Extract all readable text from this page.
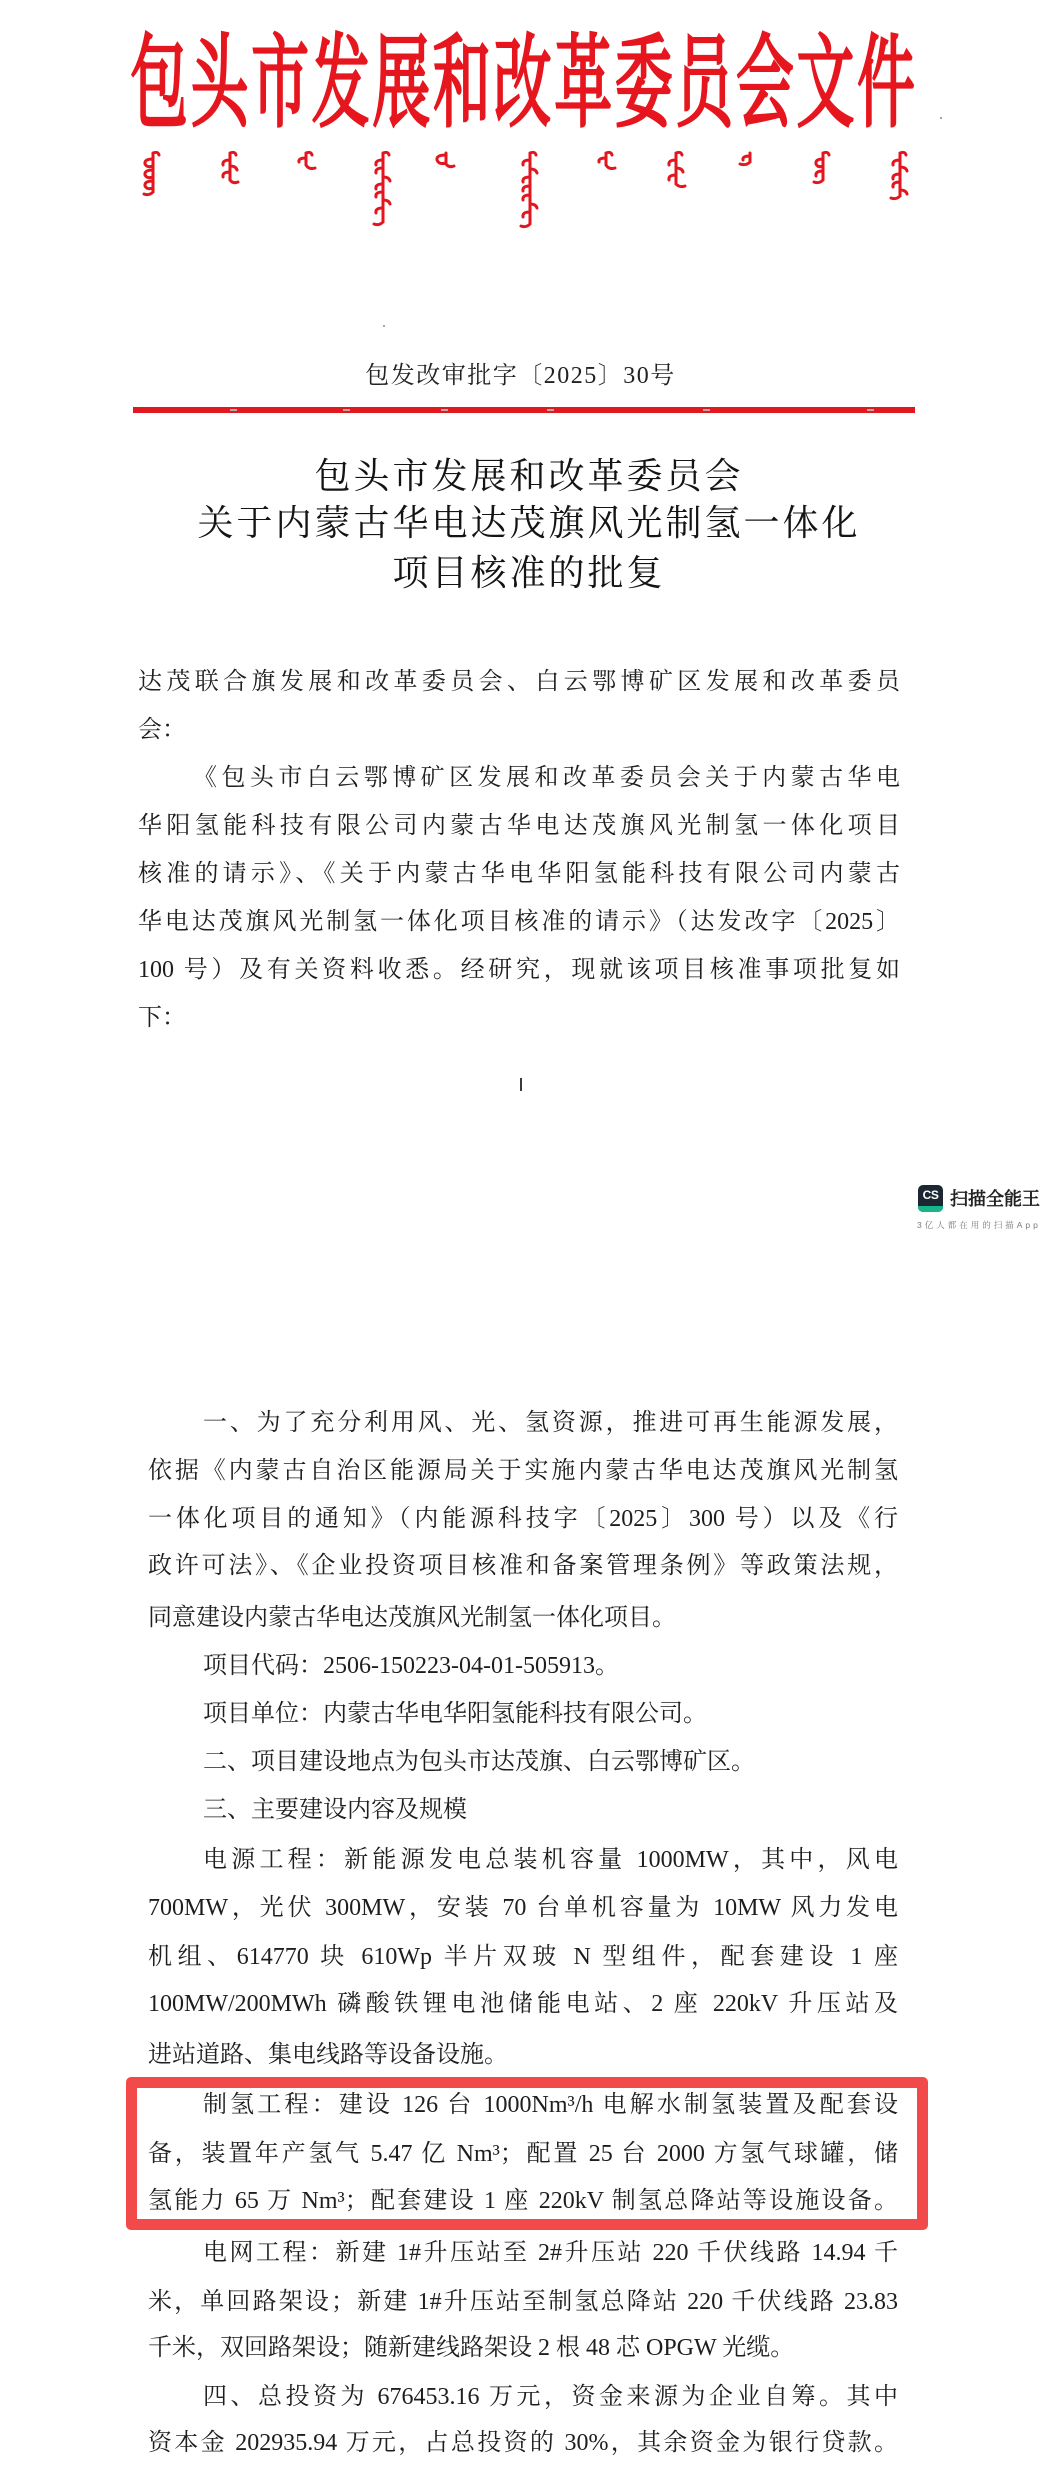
包头市发展和改革委员会文件
包发改审批字〔2025〕30号
包头市发展和改革委员会
关于内蒙古华电达茂旗风光制氢一体化
项目核准的批复
达茂联合旗发展和改革委员会、白云鄂博矿区发展和改革委员
会：
《包头市白云鄂博矿区发展和改革委员会关于内蒙古华电
华阳氢能科技有限公司内蒙古华电达茂旗风光制氢一体化项目
核准的请示》、《关于内蒙古华电华阳氢能科技有限公司内蒙古
华电达茂旗风光制氢一体化项目核准的请示》（达发改字〔2025〕
100 号）及有关资料收悉。经研究，现就该项目核准事项批复如
下：
CS 扫描全能王
3亿人都在用的扫描App
一、为了充分利用风、光、氢资源，推进可再生能源发展，
依据《内蒙古自治区能源局关于实施内蒙古华电达茂旗风光制氢
一体化项目的通知》（内能源科技字〔2025〕300 号）以及《行
政许可法》、《企业投资项目核准和备案管理条例》等政策法规，
同意建设内蒙古华电达茂旗风光制氢一体化项目。
项目代码：2506-150223-04-01-505913。
项目单位：内蒙古华电华阳氢能科技有限公司。
二、项目建设地点为包头市达茂旗、白云鄂博矿区。
三、主要建设内容及规模
电源工程：新能源发电总装机容量 1000MW，其中，风电
700MW，光伏 300MW，安装 70 台单机容量为 10MW 风力发电
机组、614770 块 610Wp 半片双玻 N 型组件，配套建设 1 座
100MW/200MWh 磷酸铁锂电池储能电站、2 座 220kV 升压站及
进站道路、集电线路等设备设施。
制氢工程：建设 126 台 1000Nm³/h 电解水制氢装置及配套设
备，装置年产氢气 5.47 亿 Nm³；配置 25 台 2000 方氢气球罐，储
氢能力 65 万 Nm³；配套建设 1 座 220kV 制氢总降站等设施设备。
电网工程：新建 1#升压站至 2#升压站 220 千伏线路 14.94 千
米，单回路架设；新建 1#升压站至制氢总降站 220 千伏线路 23.83
千米，双回路架设；随新建线路架设 2 根 48 芯 OPGW 光缆。
四、总投资为 676453.16 万元，资金来源为企业自筹。其中
资本金 202935.94 万元，占总投资的 30%，其余资金为银行贷款。
